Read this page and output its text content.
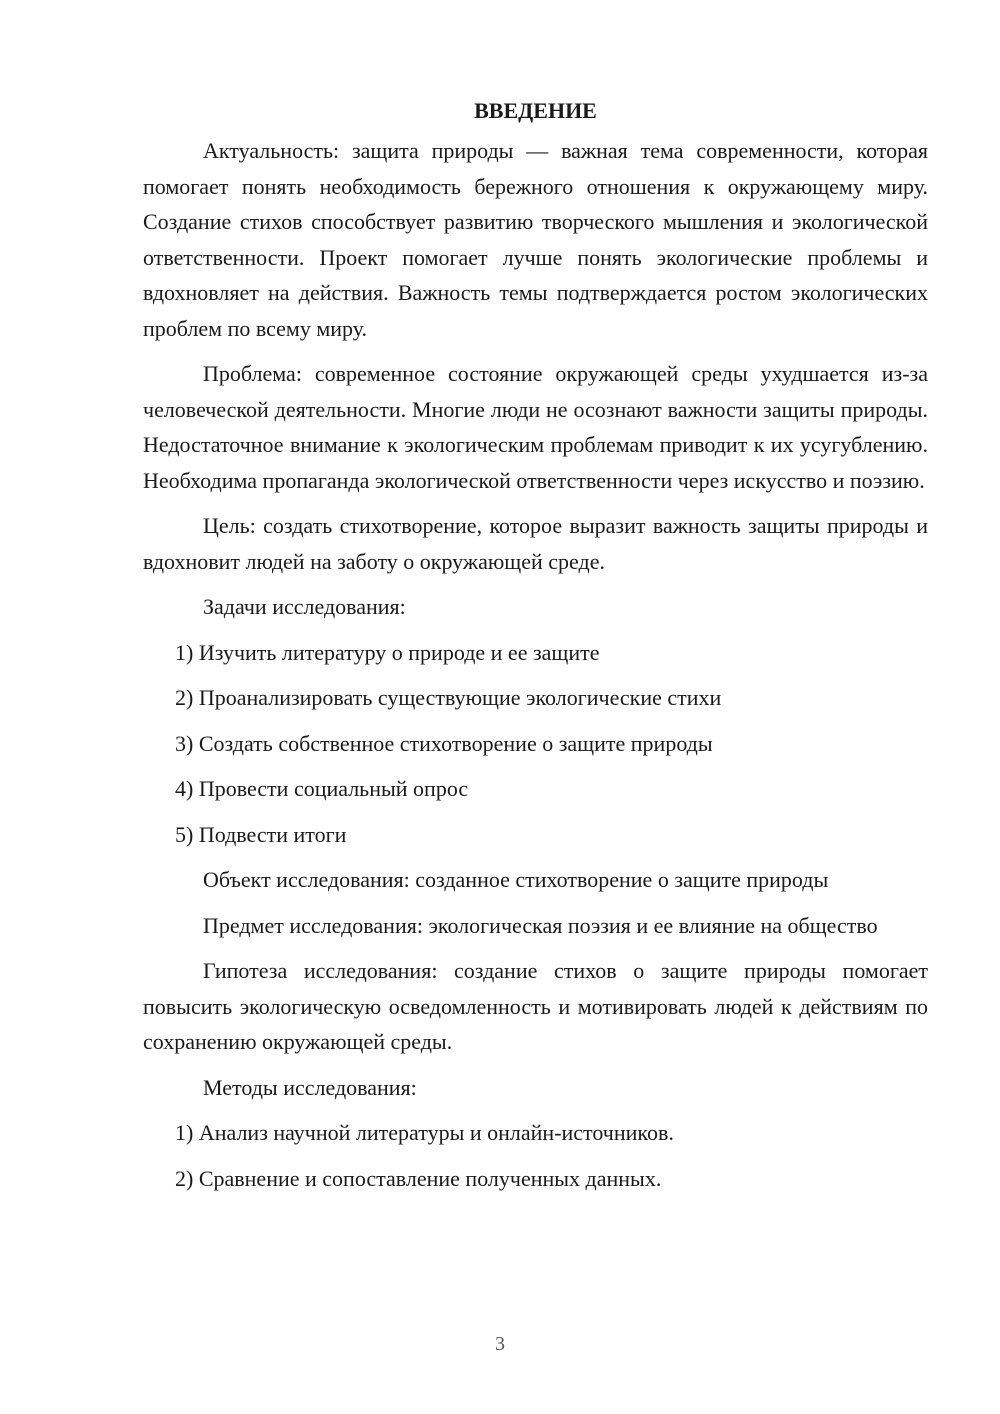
ВВЕДЕНИЕ

Актуальность: защита природы — важная тема современности, которая помогает понять необходимость бережного отношения к окружающему миру. Создание стихов способствует развитию творческого мышления и экологической ответственности. Проект помогает лучше понять экологические проблемы и вдохновляет на действия. Важность темы подтверждается ростом экологических проблем по всему миру.

Проблема: современное состояние окружающей среды ухудшается из-за человеческой деятельности. Многие люди не осознают важности защиты природы. Недостаточное внимание к экологическим проблемам приводит к их усугублению. Необходима пропаганда экологической ответственности через искусство и поэзию.

Цель: создать стихотворение, которое выразит важность защиты природы и вдохновит людей на заботу о окружающей среде.

Задачи исследования:

1) Изучить литературу о природе и ее защите
2) Проанализировать существующие экологические стихи
3) Создать собственное стихотворение о защите природы
4) Провести социальный опрос
5) Подвести итоги

Объект исследования: созданное стихотворение о защите природы

Предмет исследования: экологическая поэзия и ее влияние на общество

Гипотеза исследования: создание стихов о защите природы помогает повысить экологическую осведомленность и мотивировать людей к действиям по сохранению окружающей среды.

Методы исследования:

1) Анализ научной литературы и онлайн-источников.
2) Сравнение и сопоставление полученных данных.
3
